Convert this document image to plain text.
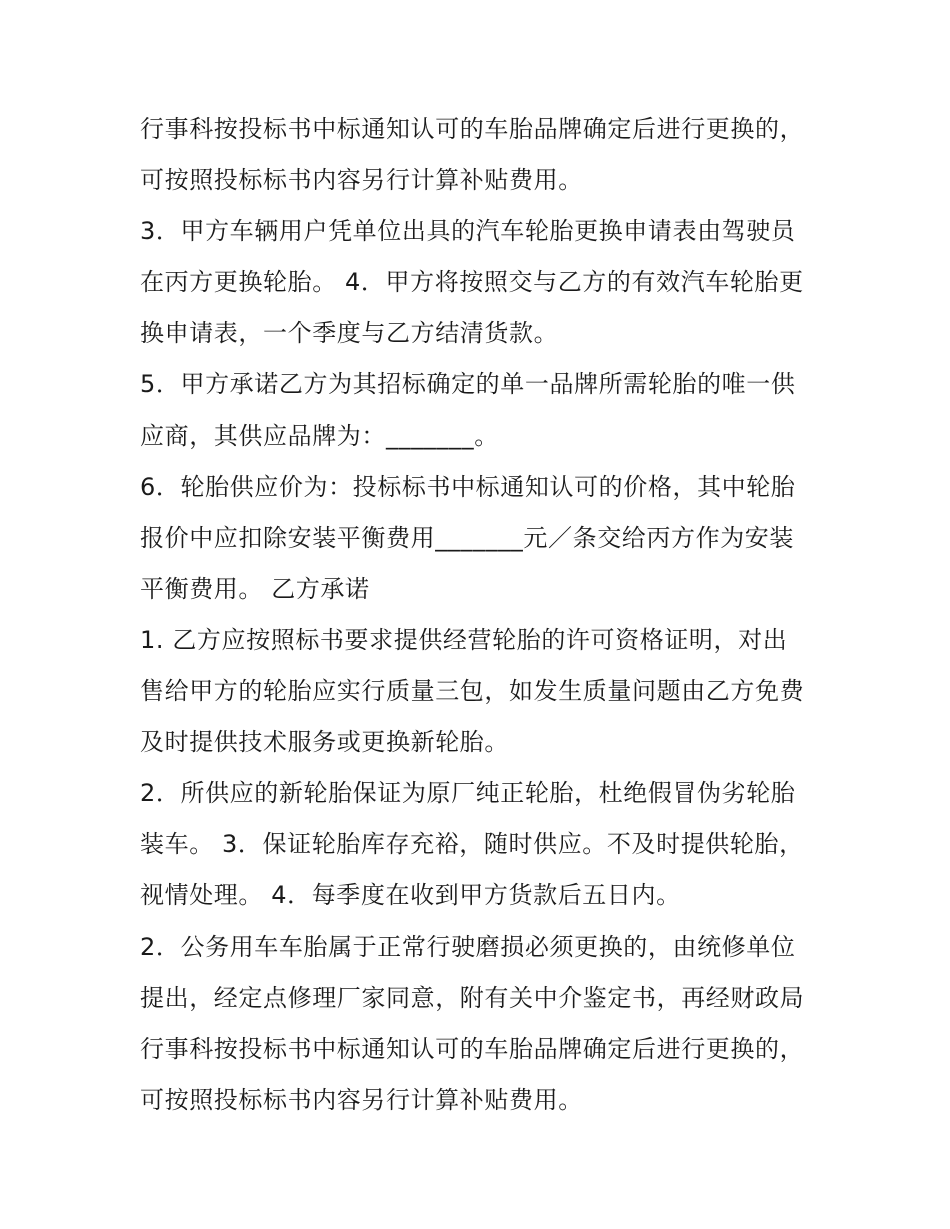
行事科按投标书中标通知认可的车胎品牌确定后进行更换的，
可按照投标标书内容另行计算补贴费用。
3．甲方车辆用户凭单位出具的汽车轮胎更换申请表由驾驶员
在丙方更换轮胎。 4．甲方将按照交与乙方的有效汽车轮胎更
换申请表，一个季度与乙方结清货款。
5．甲方承诺乙方为其招标确定的单一品牌所需轮胎的唯一供
应商，其供应品牌为：_______。
6．轮胎供应价为：投标标书中标通知认可的价格，其中轮胎
报价中应扣除安装平衡费用_______元／条交给丙方作为安装
平衡费用。 乙方承诺
1. 乙方应按照标书要求提供经营轮胎的许可资格证明，对出
售给甲方的轮胎应实行质量三包，如发生质量问题由乙方免费
及时提供技术服务或更换新轮胎。
2．所供应的新轮胎保证为原厂纯正轮胎，杜绝假冒伪劣轮胎
装车。 3．保证轮胎库存充裕，随时供应。不及时提供轮胎，
视情处理。 4．每季度在收到甲方货款后五日内。
2．公务用车车胎属于正常行驶磨损必须更换的，由统修单位
提出，经定点修理厂家同意，附有关中介鉴定书，再经财政局
行事科按投标书中标通知认可的车胎品牌确定后进行更换的，
可按照投标标书内容另行计算补贴费用。
